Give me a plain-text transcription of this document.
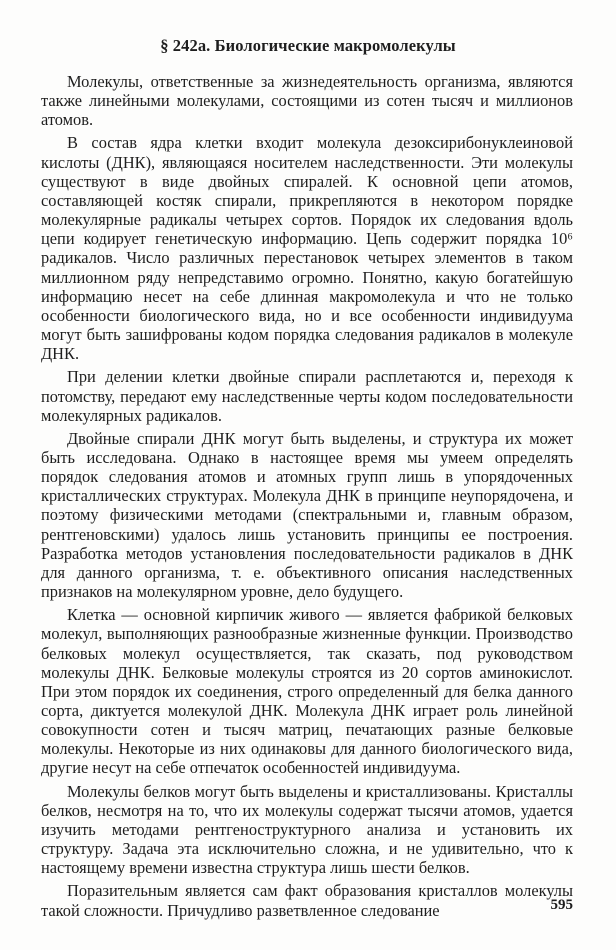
§ 242а. Биологические макромолекулы

Молекулы, ответственные за жизнедеятельность организма, являются также линейными молекулами, состоящими из сотен тысяч и миллионов атомов.

В состав ядра клетки входит молекула дезоксирибонуклеиновой кислоты (ДНК), являющаяся носителем наследственности. Эти молекулы существуют в виде двойных спиралей. К основной цепи атомов, составляющей костяк спирали, прикрепляются в некотором порядке молекулярные радикалы четырех сортов. Порядок их следования вдоль цепи кодирует генетическую информацию. Цепь содержит порядка 10⁶ радикалов. Число различных перестановок четырех элементов в таком миллионном ряду непредставимо огромно. Понятно, какую богатейшую информацию несет на себе длинная макромолекула и что не только особенности биологического вида, но и все особенности индивидуума могут быть зашифрованы кодом порядка следования радикалов в молекуле ДНК.

При делении клетки двойные спирали расплетаются и, переходя к потомству, передают ему наследственные черты кодом последовательности молекулярных радикалов.

Двойные спирали ДНК могут быть выделены, и структура их может быть исследована. Однако в настоящее время мы умеем определять порядок следования атомов и атомных групп лишь в упорядоченных кристаллических структурах. Молекула ДНК в принципе неупорядочена, и поэтому физическими методами (спектральными и, главным образом, рентгеновскими) удалось лишь установить принципы ее построения. Разработка методов установления последовательности радикалов в ДНК для данного организма, т. е. объективного описания наследственных признаков на молекулярном уровне, дело будущего.

Клетка — основной кирпичик живого — является фабрикой белковых молекул, выполняющих разнообразные жизненные функции. Производство белковых молекул осуществляется, так сказать, под руководством молекулы ДНК. Белковые молекулы строятся из 20 сортов аминокислот. При этом порядок их соединения, строго определенный для белка данного сорта, диктуется молекулой ДНК. Молекула ДНК играет роль линейной совокупности сотен и тысяч матриц, печатающих разные белковые молекулы. Некоторые из них одинаковы для данного биологического вида, другие несут на себе отпечаток особенностей индивидуума.

Молекулы белков могут быть выделены и кристаллизованы. Кристаллы белков, несмотря на то, что их молекулы содержат тысячи атомов, удается изучить методами рентгеноструктурного анализа и установить их структуру. Задача эта исключительно сложна, и не удивительно, что к настоящему времени известна структура лишь шести белков.

Поразительным является сам факт образования кристаллов молекулы такой сложности. Причудливо разветвленное следование	595
